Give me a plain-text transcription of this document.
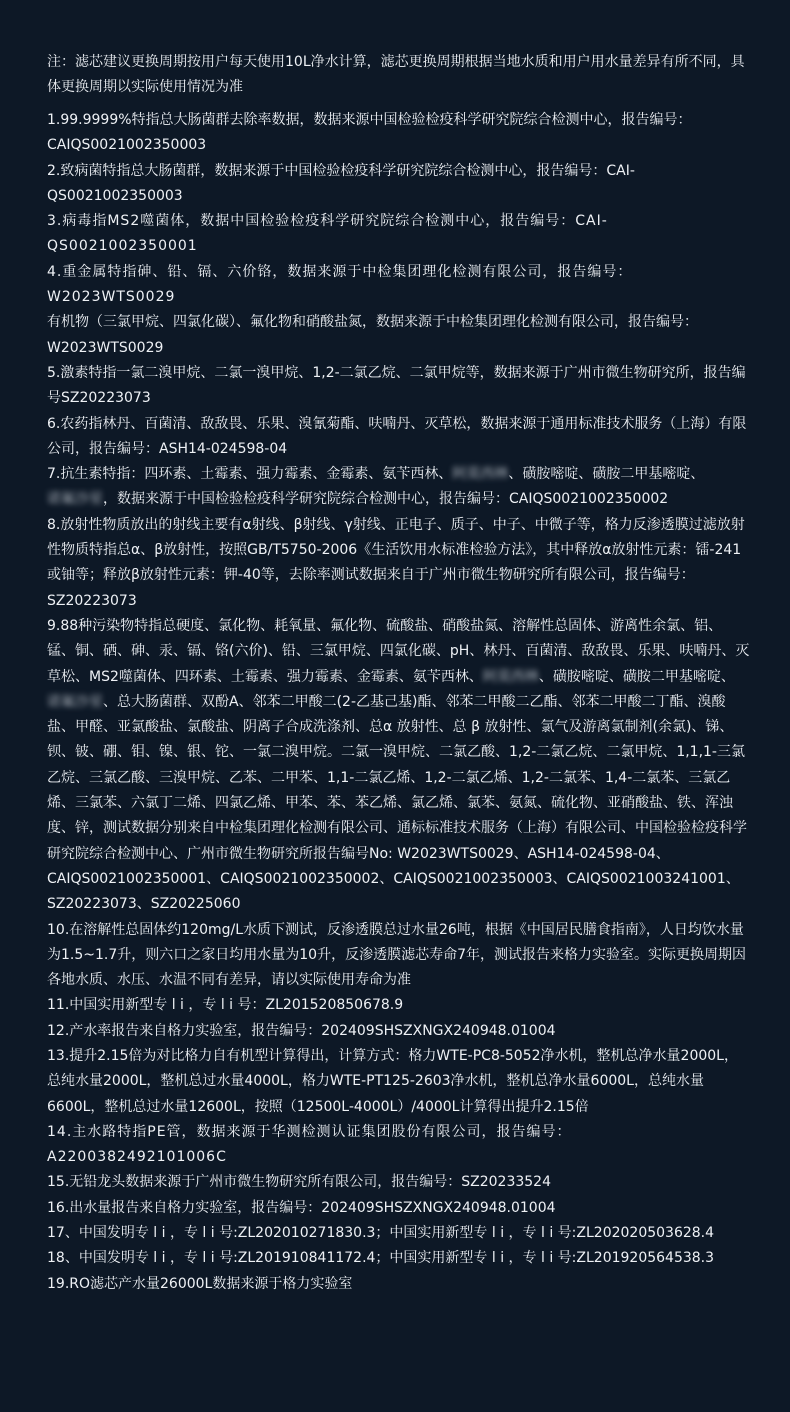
注：滤芯建议更换周期按用户每天使用10L净水计算，滤芯更换周期根据当地水质和用户用水量差异有所不同，具体更换周期以实际使用情况为准

1.99.9999%特指总大肠菌群去除率数据，数据来源中国检验检疫科学研究院综合检测中心，报告编号：CAIQS0021002350003

2.致病菌特指总大肠菌群，数据来源于中国检验检疫科学研究院综合检测中心，报告编号：CAI-QS0021002350003

3.病毒指MS2噬菌体，数据中国检验检疫科学研究院综合检测中心，报告编号：CAI-QS0021002350001

4.重金属特指砷、铅、镉、六价铬，数据来源于中检集团理化检测有限公司，报告编号：W2023WTS0029

有机物（三氯甲烷、四氯化碳）、氟化物和硝酸盐氮，数据来源于中检集团理化检测有限公司，报告编号： W2023WTS0029

5.激素特指一氯二溴甲烷、二氯一溴甲烷、1,2-二氯乙烷、二氯甲烷等，数据来源于广州市微生物研究所，报告编号SZ20223073

6.农药指林丹、百菌清、敌敌畏、乐果、溴氰菊酯、呋喃丹、灭草松，数据来源于通用标准技术服务（上海）有限公司，报告编号：ASH14-024598-04

7.抗生素特指：四环素、土霉素、强力霉素、金霉素、氨苄西林、阿莫西林、磺胺嘧啶、磺胺二甲基嘧啶、诺氟沙星，数据来源于中国检验检疫科学研究院综合检测中心，报告编号：CAIQS0021002350002

8.放射性物质放出的射线主要有α射线、β射线、γ射线、正电子、质子、中子、中微子等，格力反渗透膜过滤放射性物质特指总α、β放射性，按照GB/T5750-2006《生活饮用水标准检验方法》，其中释放α放射性元素：镭-241或铀等；释放β放射性元素：钾-40等，去除率测试数据来自于广州市微生物研究所有限公司，报告编号：SZ20223073

9.88种污染物特指总硬度、氯化物、耗氧量、氟化物、硫酸盐、硝酸盐氮、溶解性总固体、游离性余氯、铝、锰、铜、硒、砷、汞、镉、铬(六价)、铅、三氯甲烷、四氯化碳、pH、林丹、百菌清、敌敌畏、乐果、呋喃丹、灭草松、MS2噬菌体、四环素、土霉素、强力霉素、金霉素、氨苄西林、阿莫西林、磺胺嘧啶、磺胺二甲基嘧啶、诺氟沙星、总大肠菌群、双酚A、邻苯二甲酸二(2-乙基己基)酯、邻苯二甲酸二乙酯、邻苯二甲酸二丁酯、溴酸盐、甲醛、亚氯酸盐、氯酸盐、阴离子合成洗涤剂、总α 放射性、总 β 放射性、氯气及游离氯制剂(余氯)、锑、钡、铍、硼、钼、镍、银、铊、一氯二溴甲烷。二氯一溴甲烷、二氯乙酸、1,2-二氯乙烷、二氯甲烷、1,1,1-三氯乙烷、三氯乙酸、三溴甲烷、乙苯、二甲苯、1,1-二氯乙烯、1,2-二氯乙烯、1,2-二氯苯、1,4-二氯苯、三氯乙烯、三氯苯、六氯丁二烯、四氯乙烯、甲苯、苯、苯乙烯、氯乙烯、氯苯、氨氮、硫化物、亚硝酸盐、铁、浑浊度、锌，测试数据分别来自中检集团理化检测有限公司、通标标准技术服务（上海）有限公司、中国检验检疫科学研究院综合检测中心、广州市微生物研究所报告编号No: W2023WTS0029、ASH14-024598-04、CAIQS0021002350001、CAIQS0021002350002、CAIQS0021002350003、CAIQS0021003241001、SZ20223073、SZ20225060

10.在溶解性总固体约120mg/L水质下测试，反渗透膜总过水量26吨，根据《中国居民膳食指南》，人日均饮水量为1.5~1.7升，则六口之家日均用水量为10升，反渗透膜滤芯寿命7年，测试报告来格力实验室。实际更换周期因各地水质、水压、水温不同有差异，请以实际使用寿命为准

11.中国实用新型专 l i ，专 l i 号：ZL201520850678.9

12.产水率报告来自格力实验室，报告编号：202409SHSZXNGX240948.01004

13.提升2.15倍为对比格力自有机型计算得出，计算方式：格力WTE-PC8-5052净水机，整机总净水量2000L，总纯水量2000L，整机总过水量4000L，格力WTE-PT125-2603净水机，整机总净水量6000L，总纯水量6600L，整机总过水量12600L，按照（12500L-4000L）/4000L计算得出提升2.15倍

14.主水路特指PE管，数据来源于华测检测认证集团股份有限公司，报告编号：A2200382492101006C

15.无铅龙头数据来源于广州市微生物研究所有限公司，报告编号：SZ20233524

16.出水量报告来自格力实验室，报告编号：202409SHSZXNGX240948.01004

17、中国发明专 l i ，专 l i 号:ZL202010271830.3；中国实用新型专 l i ，专 l i 号:ZL202020503628.4

18、中国发明专 l i ，专 l i 号:ZL201910841172.4；中国实用新型专 l i ，专 l i 号:ZL201920564538.3

19.RO滤芯产水量26000L数据来源于格力实验室
